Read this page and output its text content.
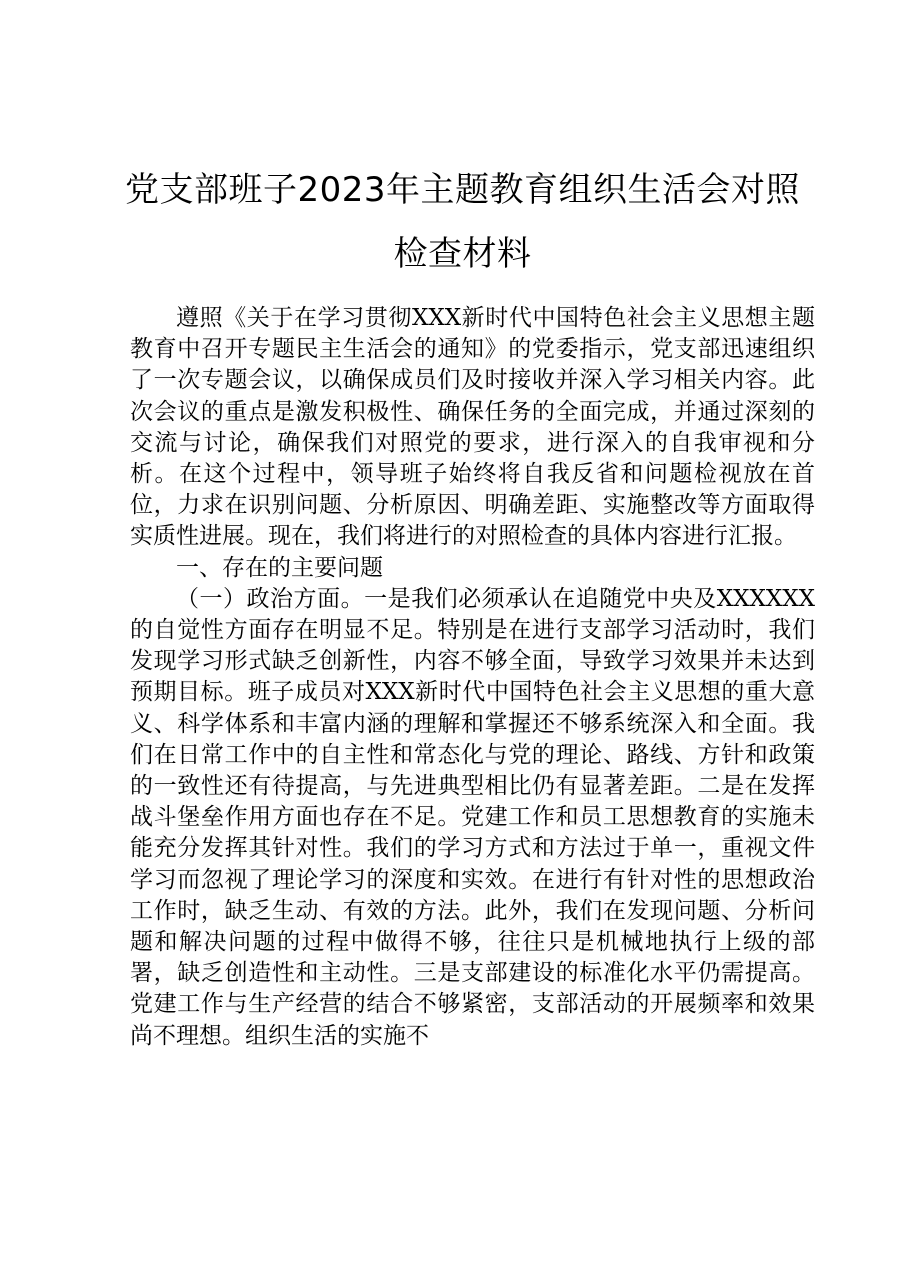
党支部班子2023年主题教育组织生活会对照检查材料

遵照《关于在学习贯彻XXX新时代中国特色社会主义思想主题教育中召开专题民主生活会的通知》的党委指示，党支部迅速组织了一次专题会议，以确保成员们及时接收并深入学习相关内容。此次会议的重点是激发积极性、确保任务的全面完成，并通过深刻的交流与讨论，确保我们对照党的要求，进行深入的自我审视和分析。在这个过程中，领导班子始终将自我反省和问题检视放在首位，力求在识别问题、分析原因、明确差距、实施整改等方面取得实质性进展。现在，我们将进行的对照检查的具体内容进行汇报。

一、存在的主要问题

（一）政治方面。一是我们必须承认在追随党中央及XXXXXX的自觉性方面存在明显不足。特别是在进行支部学习活动时，我们发现学习形式缺乏创新性，内容不够全面，导致学习效果并未达到预期目标。班子成员对XXX新时代中国特色社会主义思想的重大意义、科学体系和丰富内涵的理解和掌握还不够系统深入和全面。我们在日常工作中的自主性和常态化与党的理论、路线、方针和政策的一致性还有待提高，与先进典型相比仍有显著差距。二是在发挥战斗堡垒作用方面也存在不足。党建工作和员工思想教育的实施未能充分发挥其针对性。我们的学习方式和方法过于单一，重视文件学习而忽视了理论学习的深度和实效。在进行有针对性的思想政治工作时，缺乏生动、有效的方法。此外，我们在发现问题、分析问题和解决问题的过程中做得不够，往往只是机械地执行上级的部署，缺乏创造性和主动性。三是支部建设的标准化水平仍需提高。党建工作与生产经营的结合不够紧密，支部活动的开展频率和效果尚不理想。组织生活的实施不
